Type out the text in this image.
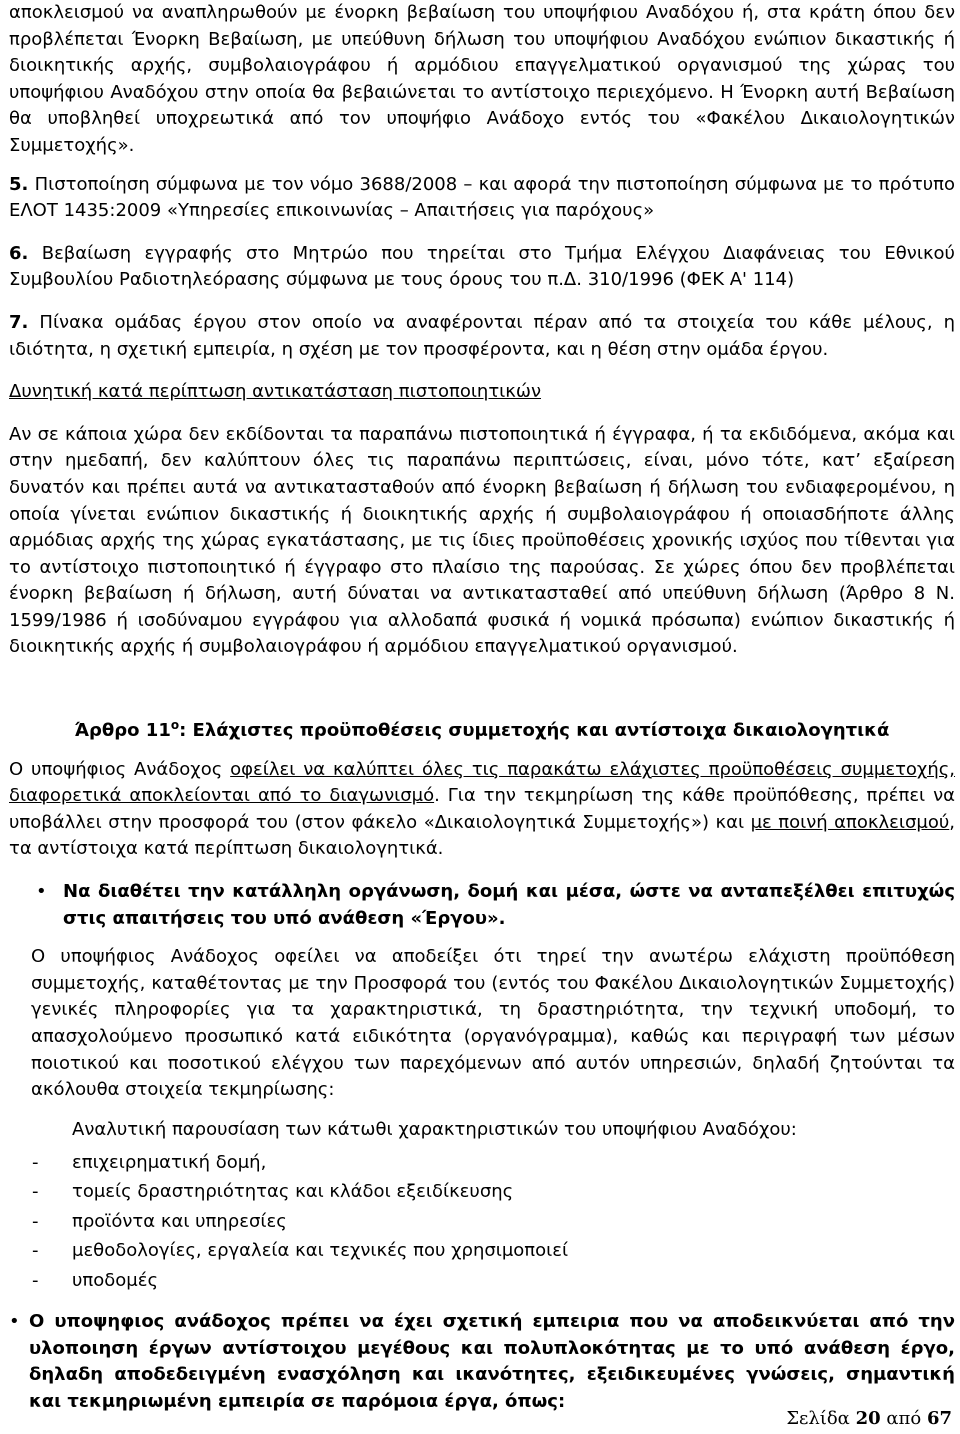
αποκλεισμού να αναπληρωθούν με ένορκη βεβαίωση του υποψήφιου Αναδόχου ή, στα κράτη όπου δεν προβλέπεται Ένορκη Βεβαίωση, με υπεύθυνη δήλωση του υποψήφιου Αναδόχου ενώπιον δικαστικής ή διοικητικής αρχής, συμβολαιογράφου ή αρμόδιου επαγγελματικού οργανισμού της χώρας του υποψήφιου Αναδόχου στην οποία θα βεβαιώνεται το αντίστοιχο περιεχόμενο. Η Ένορκη αυτή Βεβαίωση θα υποβληθεί υποχρεωτικά από τον υποψήφιο Ανάδοχο εντός του «Φακέλου Δικαιολογητικών Συμμετοχής».

5. Πιστοποίηση σύμφωνα με τον νόμο 3688/2008 – και αφορά την πιστοποίηση σύμφωνα με το πρότυπο ΕΛΟΤ 1435:2009 «Υπηρεσίες επικοινωνίας – Απαιτήσεις για παρόχους»

6. Βεβαίωση εγγραφής στο Μητρώο που τηρείται στο Τμήμα Ελέγχου Διαφάνειας του Εθνικού Συμβουλίου Ραδιοτηλεόρασης σύμφωνα με τους όρους του π.Δ. 310/1996 (ΦΕΚ Α' 114)

7. Πίνακα ομάδας έργου στον οποίο να αναφέρονται πέραν από τα στοιχεία του κάθε μέλους, η ιδιότητα, η σχετική εμπειρία, η σχέση με τον προσφέροντα, και η θέση στην ομάδα έργου.

Δυνητική κατά περίπτωση αντικατάσταση πιστοποιητικών

Αν σε κάποια χώρα δεν εκδίδονται τα παραπάνω πιστοποιητικά ή έγγραφα, ή τα εκδιδόμενα, ακόμα και στην ημεδαπή, δεν καλύπτουν όλες τις παραπάνω περιπτώσεις, είναι, μόνο τότε, κατ’ εξαίρεση δυνατόν και πρέπει αυτά να αντικατασταθούν από ένορκη βεβαίωση ή δήλωση του ενδιαφερομένου, η οποία γίνεται ενώπιον δικαστικής ή διοικητικής αρχής ή συμβολαιογράφου ή οποιασδήποτε άλλης αρμόδιας αρχής της χώρας εγκατάστασης, με τις ίδιες προϋποθέσεις χρονικής ισχύος που τίθενται για το αντίστοιχο πιστοποιητικό ή έγγραφο στο πλαίσιο της παρούσας. Σε χώρες όπου δεν προβλέπεται ένορκη βεβαίωση ή δήλωση, αυτή δύναται να αντικατασταθεί από υπεύθυνη δήλωση (Άρθρο 8 Ν. 1599/1986 ή ισοδύναμου εγγράφου για αλλοδαπά φυσικά ή νομικά πρόσωπα) ενώπιον δικαστικής ή διοικητικής αρχής ή συμβολαιογράφου ή αρμόδιου επαγγελματικού οργανισμού.

Άρθρο $11^o$: Ελάχιστες προϋποθέσεις συμμετοχής και αντίστοιχα δικαιολογητικά

Ο υποψήφιος Ανάδοχος οφείλει να καλύπτει όλες τις παρακάτω ελάχιστες προϋποθέσεις συμμετοχής, διαφορετικά αποκλείονται από το διαγωνισμό. Για την τεκμηρίωση της κάθε προϋπόθεσης, πρέπει να υποβάλλει στην προσφορά του (στον φάκελο «Δικαιολογητικά Συμμετοχής») και με ποινή αποκλεισμού, τα αντίστοιχα κατά περίπτωση δικαιολογητικά.

• Να διαθέτει την κατάλληλη οργάνωση, δομή και μέσα, ώστε να ανταπεξέλθει επιτυχώς στις απαιτήσεις του υπό ανάθεση «Έργου».

Ο υποψήφιος Ανάδοχος οφείλει να αποδείξει ότι τηρεί την ανωτέρω ελάχιστη προϋπόθεση συμμετοχής, καταθέτοντας με την Προσφορά του (εντός του Φακέλου Δικαιολογητικών Συμμετοχής) γενικές πληροφορίες για τα χαρακτηριστικά, τη δραστηριότητα, την τεχνική υποδομή, το απασχολούμενο προσωπικό κατά ειδικότητα (οργανόγραμμα), καθώς και περιγραφή των μέσων ποιοτικού και ποσοτικού ελέγχου των παρεχόμενων από αυτόν υπηρεσιών, δηλαδή ζητούνται τα ακόλουθα στοιχεία τεκμηρίωσης:

Αναλυτική παρουσίαση των κάτωθι χαρακτηριστικών του υποψήφιου Αναδόχου:

- επιχειρηματική δομή,

- τομείς δραστηριότητας και κλάδοι εξειδίκευσης

- προϊόντα και υπηρεσίες

- μεθοδολογίες, εργαλεία και τεχνικές που χρησιμοποιεί

- υποδομές

• Ο υποψηφιος ανάδοχος πρέπει να έχει σχετική εμπειρια που να αποδεικνύεται από την υλοποιηση έργων αντίστοιχου μεγέθους και πολυπλοκότητας με το υπό ανάθεση έργο, δηλαδη αποδεδειγμένη ενασχόληση και ικανότητες, εξειδικευμένες γνώσεις, σημαντική και τεκμηριωμένη εμπειρία σε παρόμοια έργα, όπως:

Σελίδα 20 από 67
